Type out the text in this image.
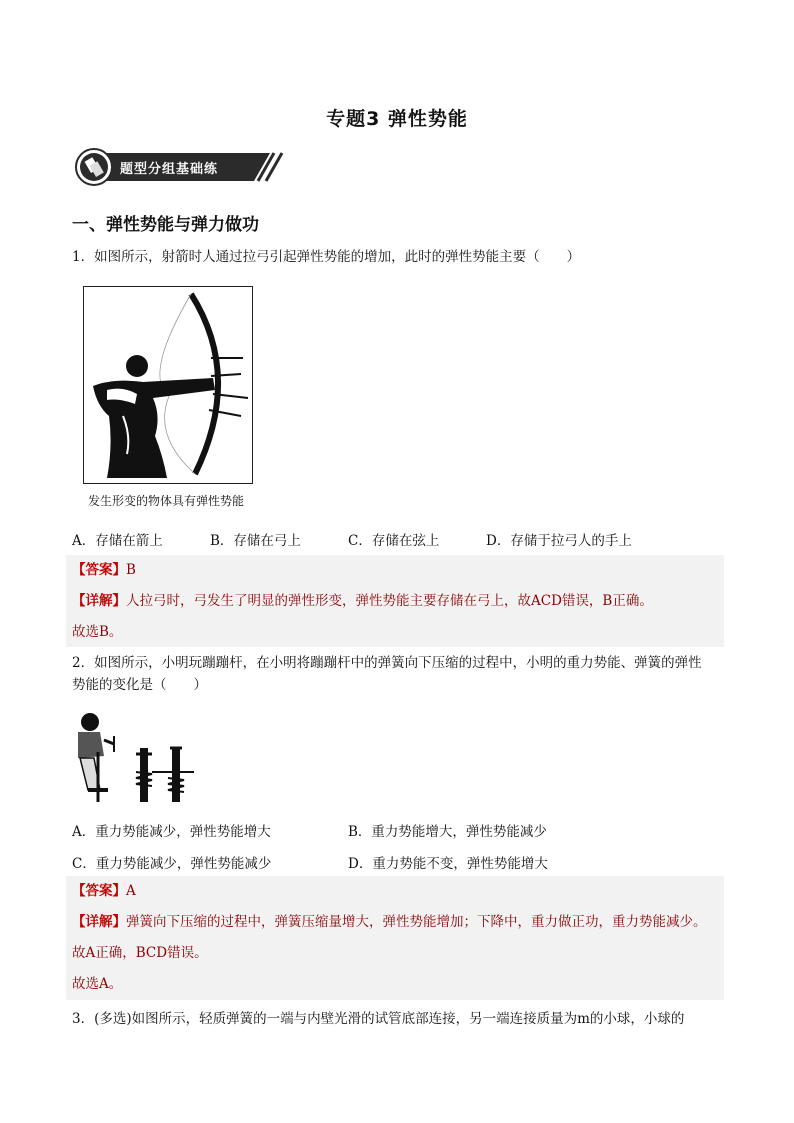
专题3 弹性势能
题型分组基础练
一、弹性势能与弹力做功
1．如图所示，射箭时人通过拉弓引起弹性势能的增加，此时的弹性势能主要（　　）
发生形变的物体具有弹性势能
A．存储在箭上	B．存储在弓上	C．存储在弦上	D．存储于拉弓人的手上
【答案】B
【详解】人拉弓时，弓发生了明显的弹性形变，弹性势能主要存储在弓上，故ACD错误，B正确。
故选B。
2．如图所示，小明玩蹦蹦杆，在小明将蹦蹦杆中的弹簧向下压缩的过程中，小明的重力势能、弹簧的弹性
势能的变化是（　　）
A．重力势能减少，弹性势能增大	B．重力势能增大，弹性势能减少
C．重力势能减少，弹性势能减少	D．重力势能不变，弹性势能增大
【答案】A
【详解】弹簧向下压缩的过程中，弹簧压缩量增大，弹性势能增加；下降中，重力做正功，重力势能减少。
故A正确，BCD错误。
故选A。
3．(多选)如图所示，轻质弹簧的一端与内壁光滑的试管底部连接，另一端连接质量为m的小球，小球的
